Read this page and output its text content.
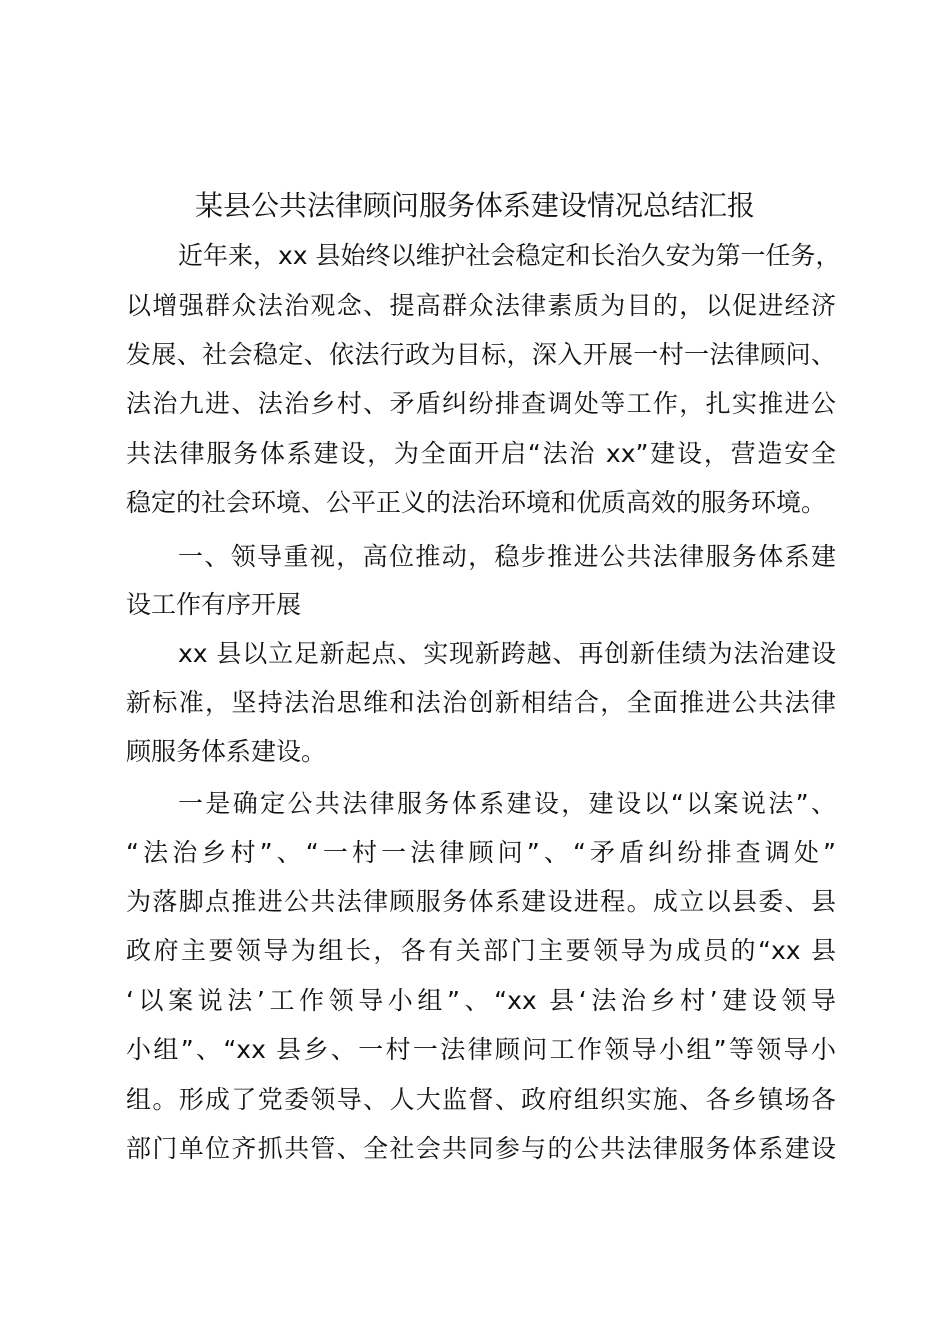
某县公共法律顾问服务体系建设情况总结汇报
近年来，xx 县始终以维护社会稳定和长治久安为第一任务，
以增强群众法治观念、提高群众法律素质为目的，以促进经济
发展、社会稳定、依法行政为目标，深入开展一村一法律顾问、
法治九进、法治乡村、矛盾纠纷排查调处等工作，扎实推进公
共法律服务体系建设，为全面开启“法治 xx”建设，营造安全
稳定的社会环境、公平正义的法治环境和优质高效的服务环境。
一、领导重视，高位推动，稳步推进公共法律服务体系建
设工作有序开展
xx 县以立足新起点、实现新跨越、再创新佳绩为法治建设
新标准，坚持法治思维和法治创新相结合，全面推进公共法律
顾服务体系建设。
一是确定公共法律服务体系建设，建设以“以案说法”、
“法治乡村”、“一村一法律顾问”、“矛盾纠纷排查调处”
为落脚点推进公共法律顾服务体系建设进程。成立以县委、县
政府主要领导为组长，各有关部门主要领导为成员的“xx 县
‘以案说法’工作领导小组”、“xx 县‘法治乡村’建设领导
小组”、“xx 县乡、一村一法律顾问工作领导小组”等领导小
组。形成了党委领导、人大监督、政府组织实施、各乡镇场各
部门单位齐抓共管、全社会共同参与的公共法律服务体系建设
